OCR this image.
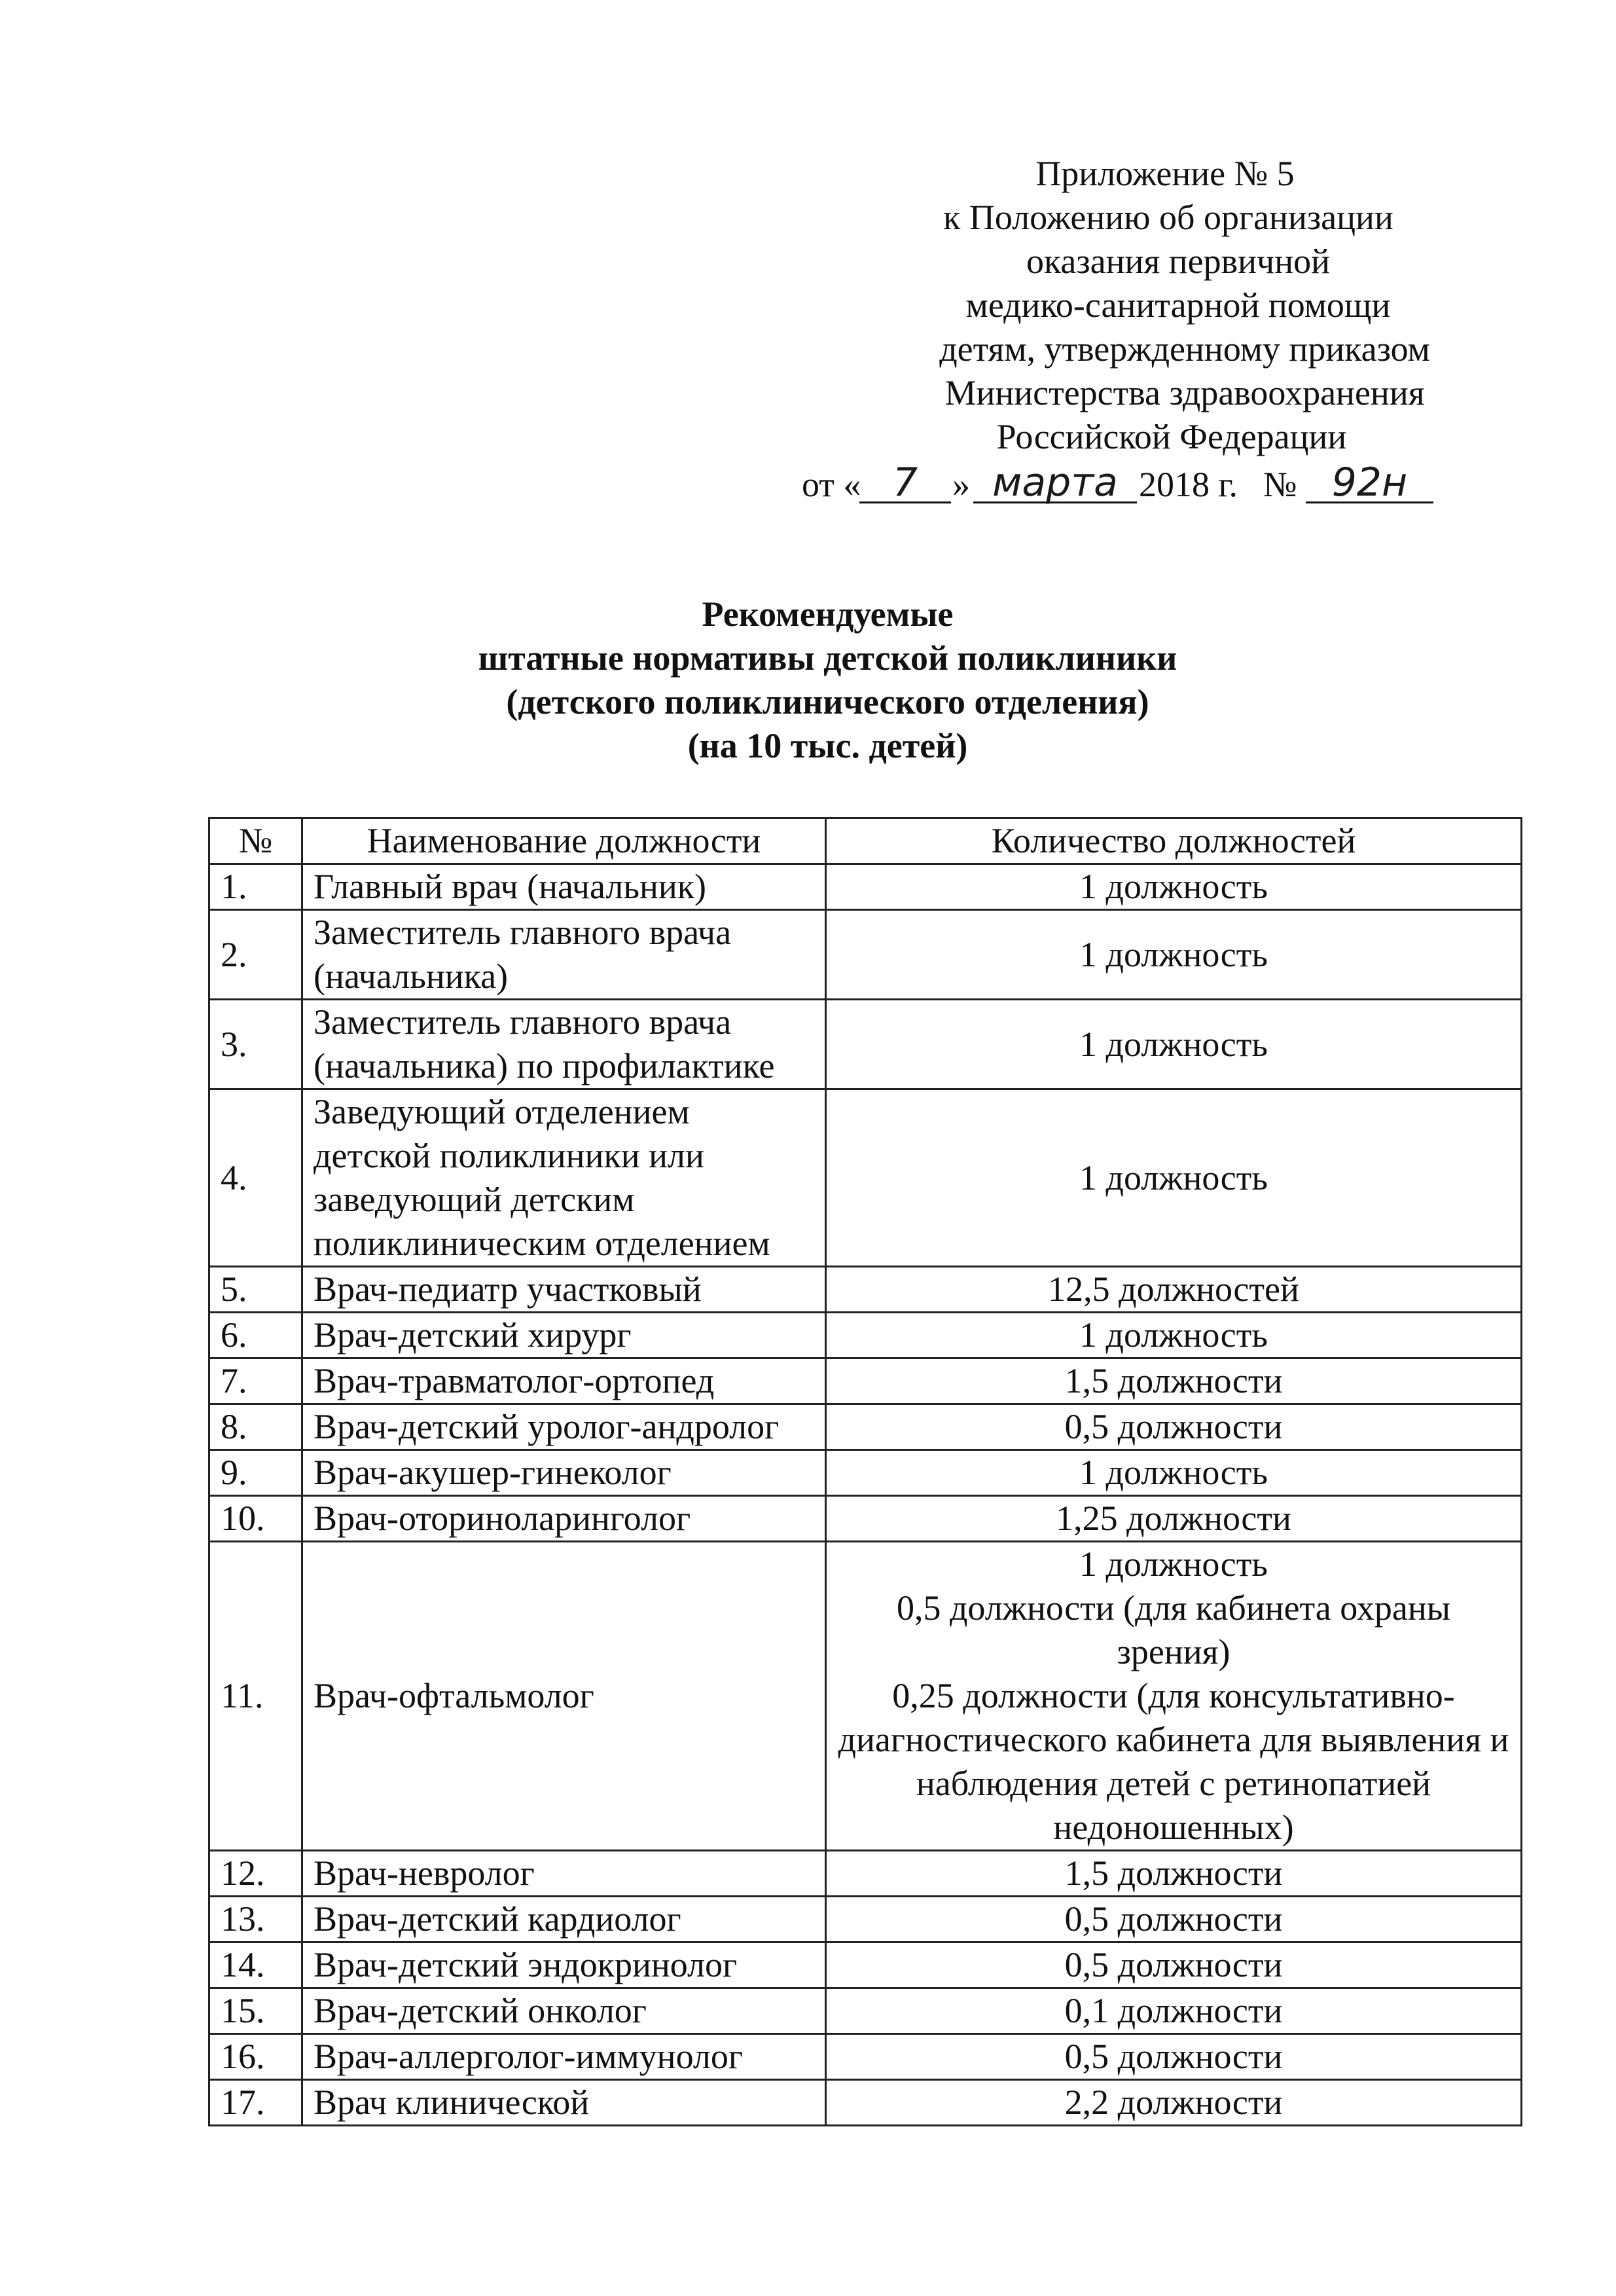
Приложение № 5
к Положению об организации
оказания первичной
медико-санитарной помощи
детям, утвержденному приказом
Министерства здравоохранения
Российской Федерации
от « 7 » марта 2018 г. № 92н
Рекомендуемые
штатные нормативы детской поликлиники
(детского поликлинического отделения)
(на 10 тыс. детей)
№	Наименование должности	Количество должностей
1.	Главный врач (начальник)	1 должность

2.	Заместитель главного врача (начальника)	1 должность

3.	Заместитель главного врача (начальника) по профилактике	1 должность

4.	Заведующий отделением детской поликлиники или заведующий детским поликлиническим отделением	1 должность

5.	Врач-педиатр участковый	12,5 должностей

6.	Врач-детский хирург	1 должность

7.	Врач-травматолог-ортопед	1,5 должности

8.	Врач-детский уролог-андролог	0,5 должности

9.	Врач-акушер-гинеколог	1 должность

10.	Врач-оториноларинголог	1,25 должности

11.	Врач-офтальмолог	1 должность
0,5 должности (для кабинета охраны зрения)
0,25 должности (для консультативно-диагностического кабинета для выявления и наблюдения детей с ретинопатией недоношенных)

12.	Врач-невролог	1,5 должности

13.	Врач-детский кардиолог	0,5 должности

14.	Врач-детский эндокринолог	0,5 должности

15.	Врач-детский онколог	0,1 должности

16.	Врач-аллерголог-иммунолог	0,5 должности

17.	Врач клинической	2,2 должности
